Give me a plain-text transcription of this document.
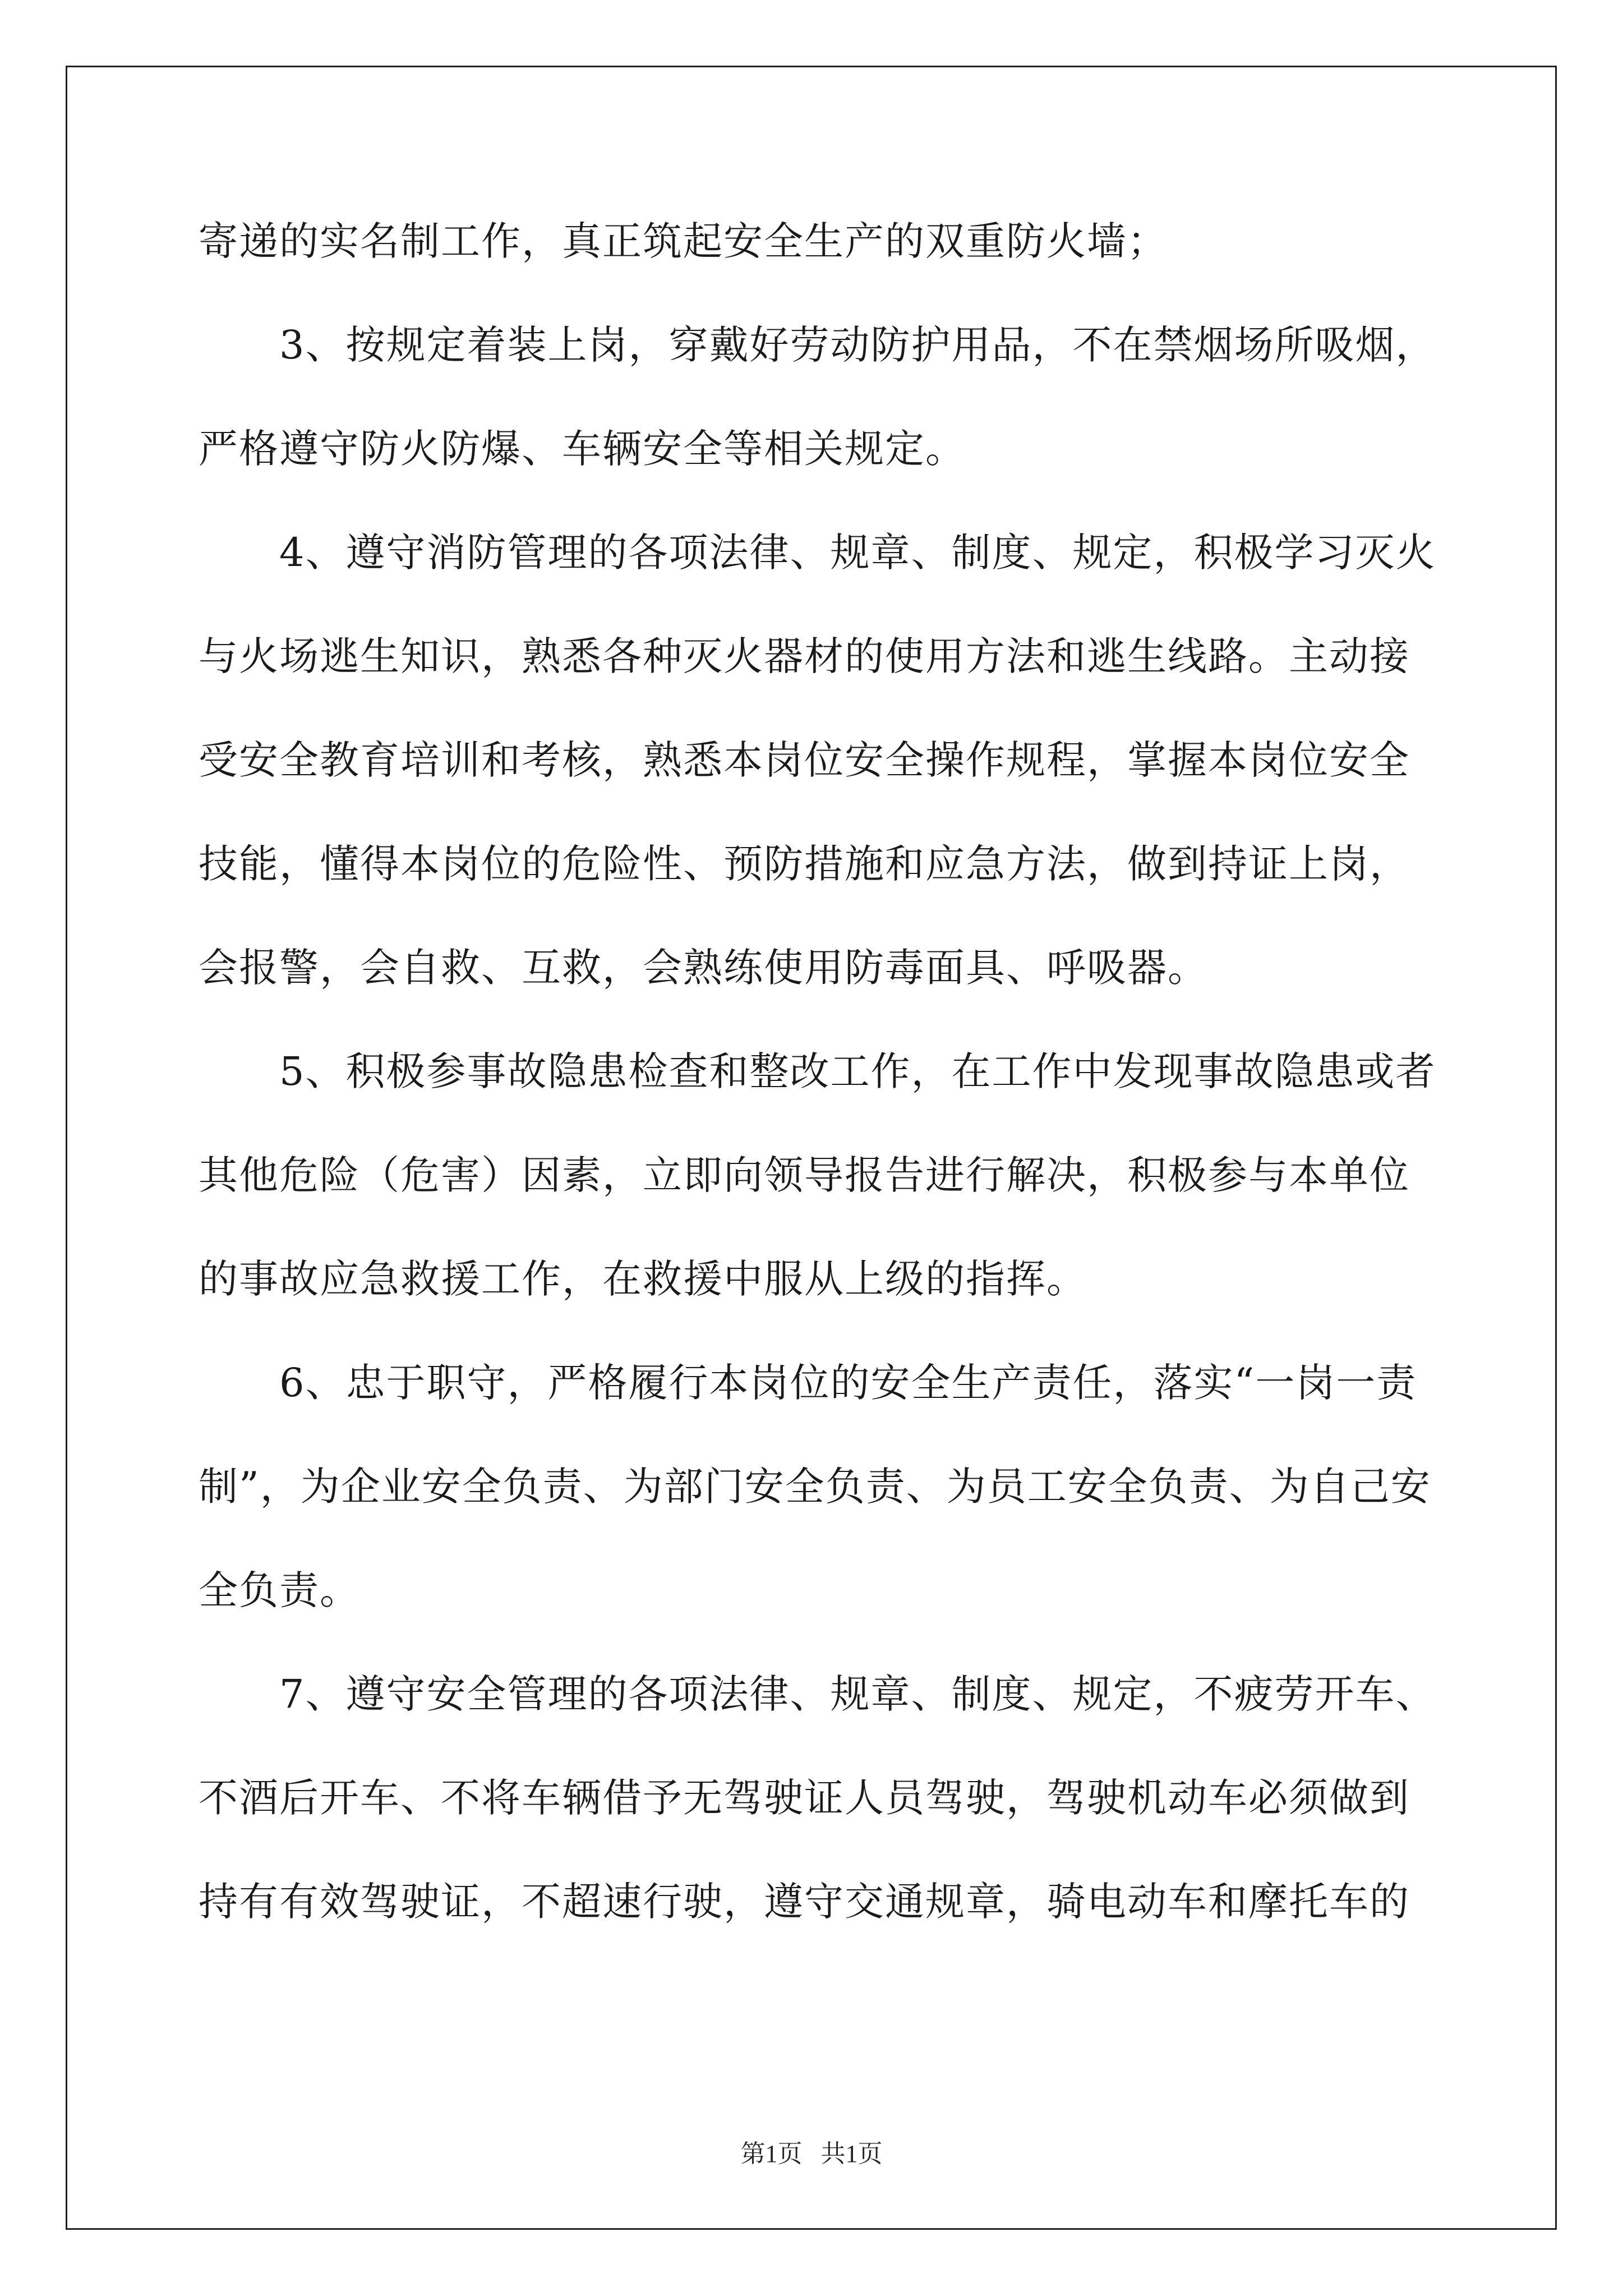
寄递的实名制工作，真正筑起安全生产的双重防火墙；
　　3、按规定着装上岗，穿戴好劳动防护用品，不在禁烟场所吸烟，
严格遵守防火防爆、车辆安全等相关规定。
　　4、遵守消防管理的各项法律、规章、制度、规定，积极学习灭火
与火场逃生知识，熟悉各种灭火器材的使用方法和逃生线路。主动接
受安全教育培训和考核，熟悉本岗位安全操作规程，掌握本岗位安全
技能，懂得本岗位的危险性、预防措施和应急方法，做到持证上岗，
会报警，会自救、互救，会熟练使用防毒面具、呼吸器。
　　5、积极参事故隐患检查和整改工作，在工作中发现事故隐患或者
其他危险（危害）因素，立即向领导报告进行解决，积极参与本单位
的事故应急救援工作，在救援中服从上级的指挥。
　　6、忠于职守，严格履行本岗位的安全生产责任，落实“一岗一责
制”，为企业安全负责、为部门安全负责、为员工安全负责、为自己安
全负责。
　　7、遵守安全管理的各项法律、规章、制度、规定，不疲劳开车、
不酒后开车、不将车辆借予无驾驶证人员驾驶，驾驶机动车必须做到
持有有效驾驶证，不超速行驶，遵守交通规章，骑电动车和摩托车的
第1页   共1页
